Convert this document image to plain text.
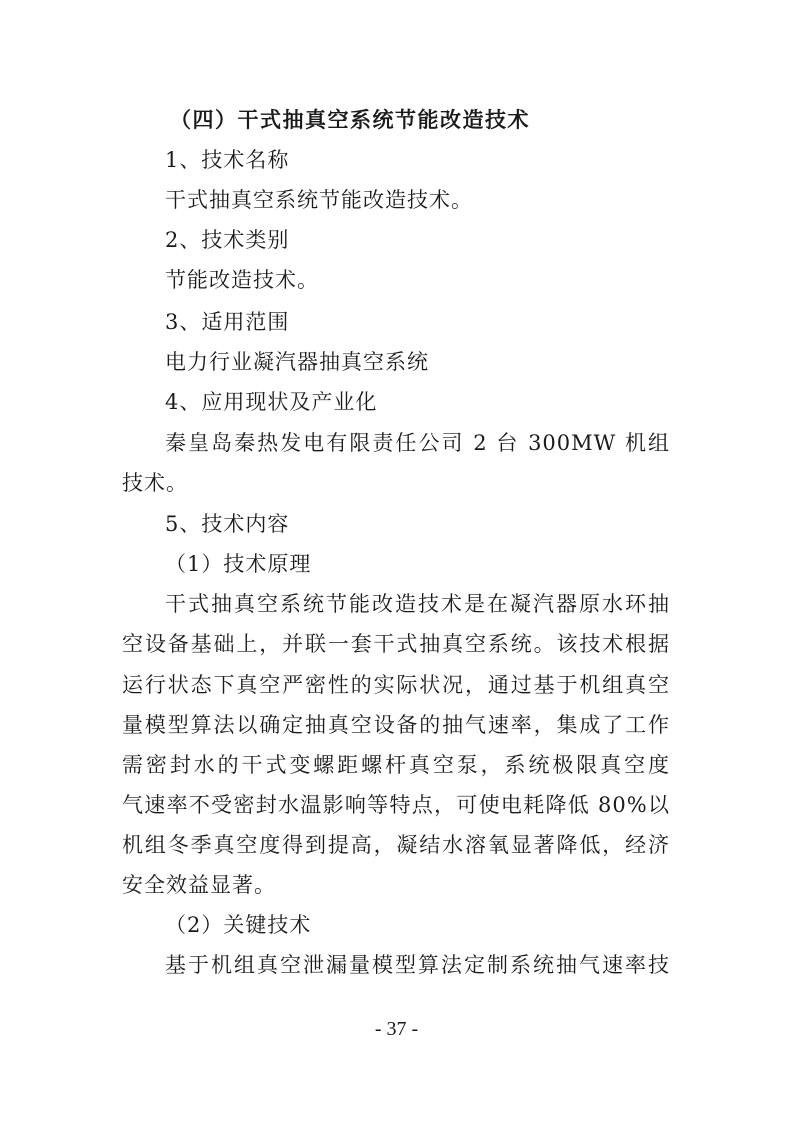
（四）干式抽真空系统节能改造技术
1、技术名称
干式抽真空系统节能改造技术。
2、技术类别
节能改造技术。
3、适用范围
电力行业凝汽器抽真空系统
4、应用现状及产业化
秦皇岛秦热发电有限责任公司 2 台 300MW 机组
技术。
5、技术内容
（1）技术原理
干式抽真空系统节能改造技术是在凝汽器原水环抽
空设备基础上，并联一套干式抽真空系统。该技术根据
运行状态下真空严密性的实际状况，通过基于机组真空
量模型算法以确定抽真空设备的抽气速率，集成了工作
需密封水的干式变螺距螺杆真空泵，系统极限真空度
气速率不受密封水温影响等特点，可使电耗降低 80%以
机组冬季真空度得到提高，凝结水溶氧显著降低，经济
安全效益显著。
（2）关键技术
基于机组真空泄漏量模型算法定制系统抽气速率技
- 37 -
